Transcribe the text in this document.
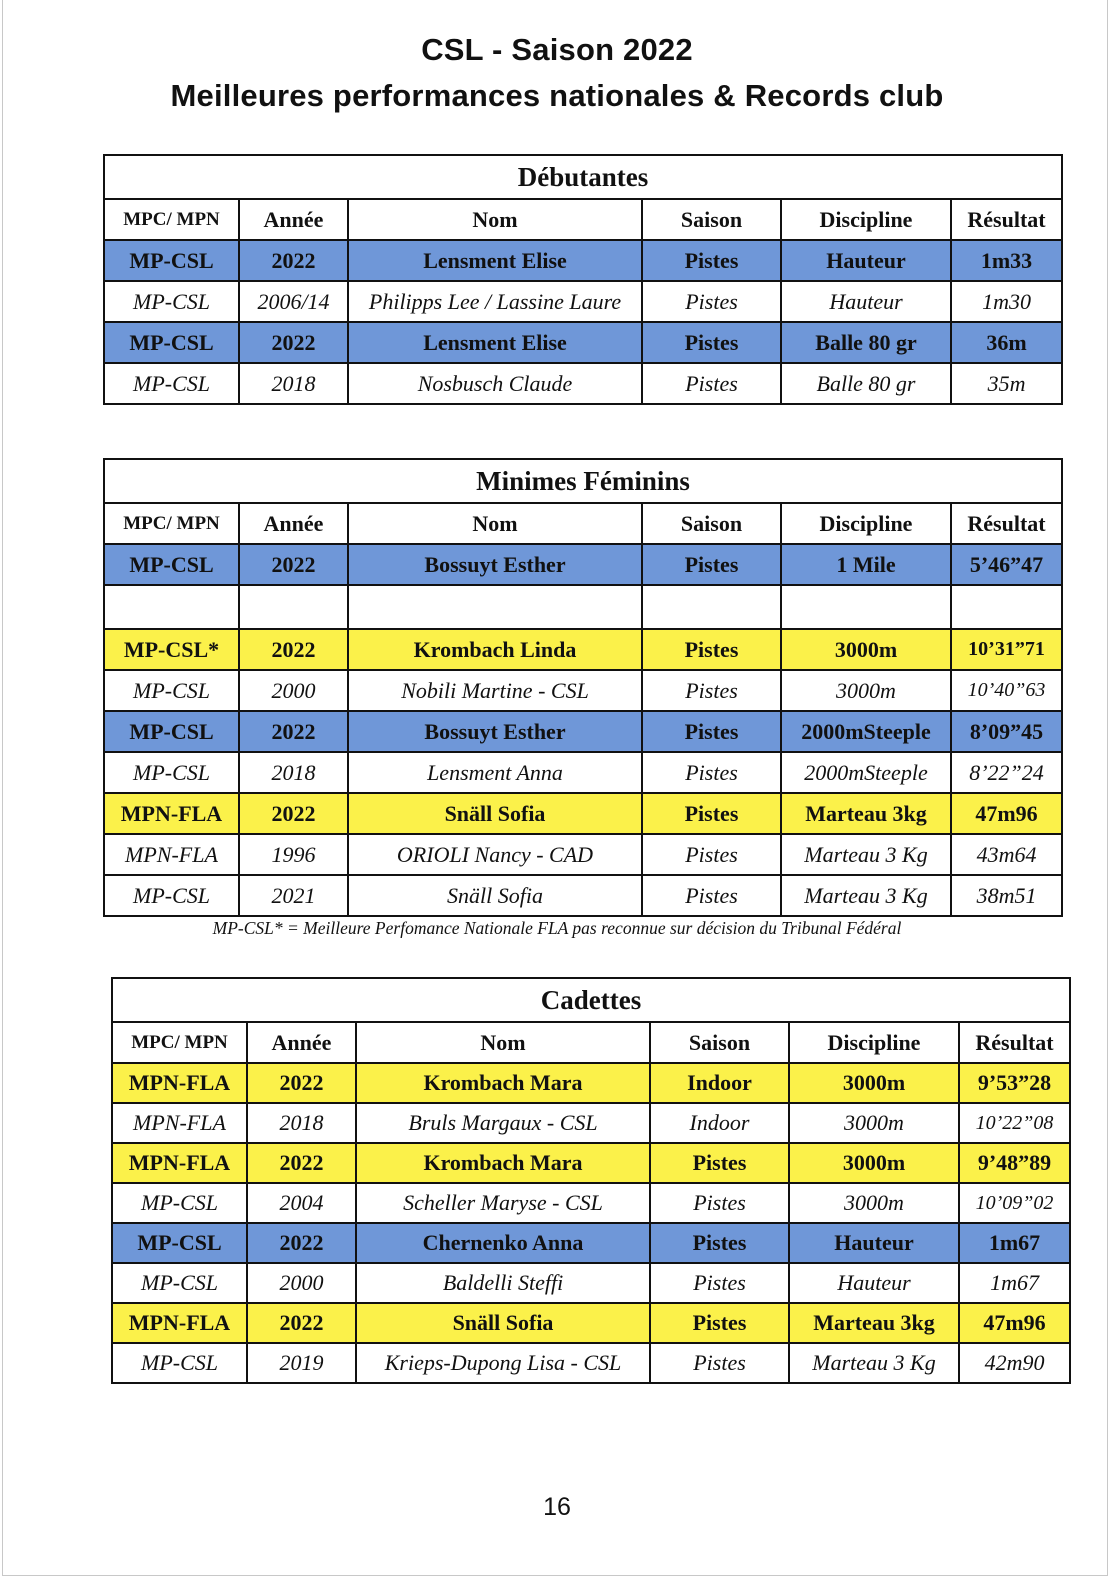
CSL - Saison 2022
Meilleures performances nationales & Records club
Débutantes					
MPC/ MPN	Année	Nom	Saison	Discipline	Résultat
MP-CSL	2022	Lensment Elise	Pistes	Hauteur	1m33
MP-CSL	2006/14	Philipps Lee / Lassine Laure	Pistes	Hauteur	1m30
MP-CSL	2022	Lensment Elise	Pistes	Balle 80 gr	36m
MP-CSL	2018	Nosbusch Claude	Pistes	Balle 80 gr	35m
Minimes Féminins					
MPC/ MPN	Année	Nom	Saison	Discipline	Résultat
MP-CSL	2022	Bossuyt Esther	Pistes	1 Mile	5’46”47

MP-CSL*	2022	Krombach Linda	Pistes	3000m	10’31”71
MP-CSL	2000	Nobili Martine - CSL	Pistes	3000m	10’40”63
MP-CSL	2022	Bossuyt Esther	Pistes	2000mSteeple	8’09”45
MP-CSL	2018	Lensment Anna	Pistes	2000mSteeple	8’22”24
MPN-FLA	2022	Snäll Sofia	Pistes	Marteau 3kg	47m96
MPN-FLA	1996	ORIOLI Nancy - CAD	Pistes	Marteau 3 Kg	43m64
MP-CSL	2021	Snäll Sofia	Pistes	Marteau 3 Kg	38m51
MP-CSL* = Meilleure Perfomance Nationale FLA pas reconnue sur décision du Tribunal Fédéral
Cadettes					
MPC/ MPN	Année	Nom	Saison	Discipline	Résultat
MPN-FLA	2022	Krombach Mara	Indoor	3000m	9’53”28
MPN-FLA	2018	Bruls Margaux - CSL	Indoor	3000m	10’22”08
MPN-FLA	2022	Krombach Mara	Pistes	3000m	9’48”89
MP-CSL	2004	Scheller Maryse - CSL	Pistes	3000m	10’09”02
MP-CSL	2022	Chernenko Anna	Pistes	Hauteur	1m67
MP-CSL	2000	Baldelli Steffi	Pistes	Hauteur	1m67
MPN-FLA	2022	Snäll Sofia	Pistes	Marteau 3kg	47m96
MP-CSL	2019	Krieps-Dupong Lisa - CSL	Pistes	Marteau 3 Kg	42m90
16
